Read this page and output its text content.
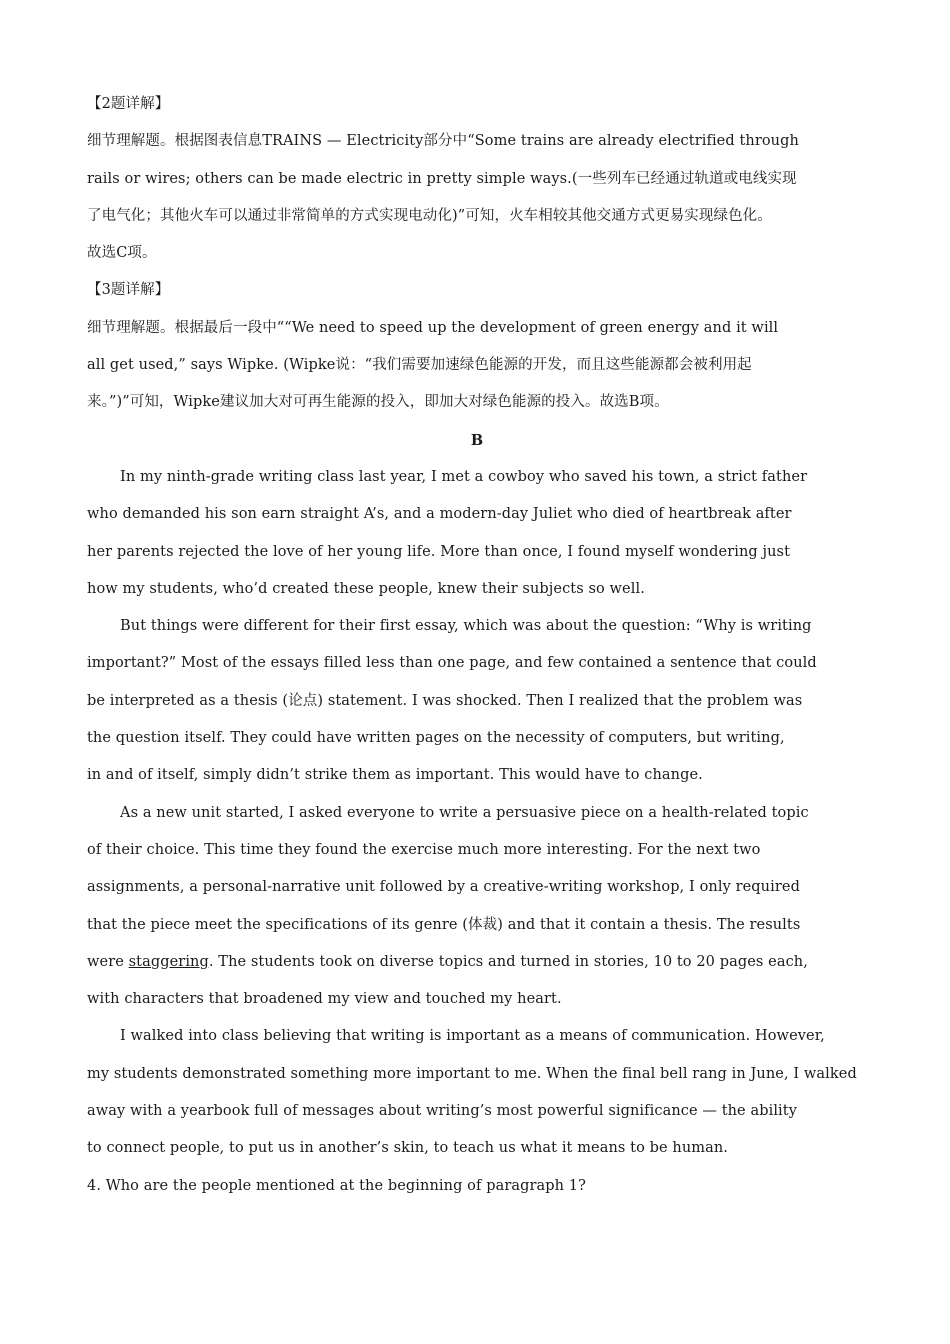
【2题详解】
细节理解题。根据图表信息TRAINS — Electricity部分中“Some trains are already electrified through
rails or wires; others can be made electric in pretty simple ways.(一些列车已经通过轨道或电线实现
了电气化；其他火车可以通过非常简单的方式实现电动化)”可知，火车相较其他交通方式更易实现绿色化。
故选C项。
【3题详解】
细节理解题。根据最后一段中““We need to speed up the development of green energy and it will
all get used,” says Wipke. (Wipke说：“我们需要加速绿色能源的开发，而且这些能源都会被利用起
来。”)”可知，Wipke建议加大对可再生能源的投入，即加大对绿色能源的投入。故选B项。
B
In my ninth-grade writing class last year, I met a cowboy who saved his town, a strict father
who demanded his son earn straight A’s, and a modern-day Juliet who died of heartbreak after
her parents rejected the love of her young life. More than once, I found myself wondering just
how my students, who’d created these people, knew their subjects so well.
But things were different for their first essay, which was about the question: “Why is writing
important?” Most of the essays filled less than one page, and few contained a sentence that could
be interpreted as a thesis (论点) statement. I was shocked. Then I realized that the problem was
the question itself. They could have written pages on the necessity of computers, but writing,
in and of itself, simply didn’t strike them as important. This would have to change.
As a new unit started, I asked everyone to write a persuasive piece on a health-related topic
of their choice. This time they found the exercise much more interesting. For the next two
assignments, a personal-narrative unit followed by a creative-writing workshop, I only required
that the piece meet the specifications of its genre (体裁) and that it contain a thesis. The results
were staggering. The students took on diverse topics and turned in stories, 10 to 20 pages each,
with characters that broadened my view and touched my heart.
I walked into class believing that writing is important as a means of communication. However,
my students demonstrated something more important to me. When the final bell rang in June, I walked
away with a yearbook full of messages about writing’s most powerful significance — the ability
to connect people, to put us in another’s skin, to teach us what it means to be human.
4. Who are the people mentioned at the beginning of paragraph 1?
